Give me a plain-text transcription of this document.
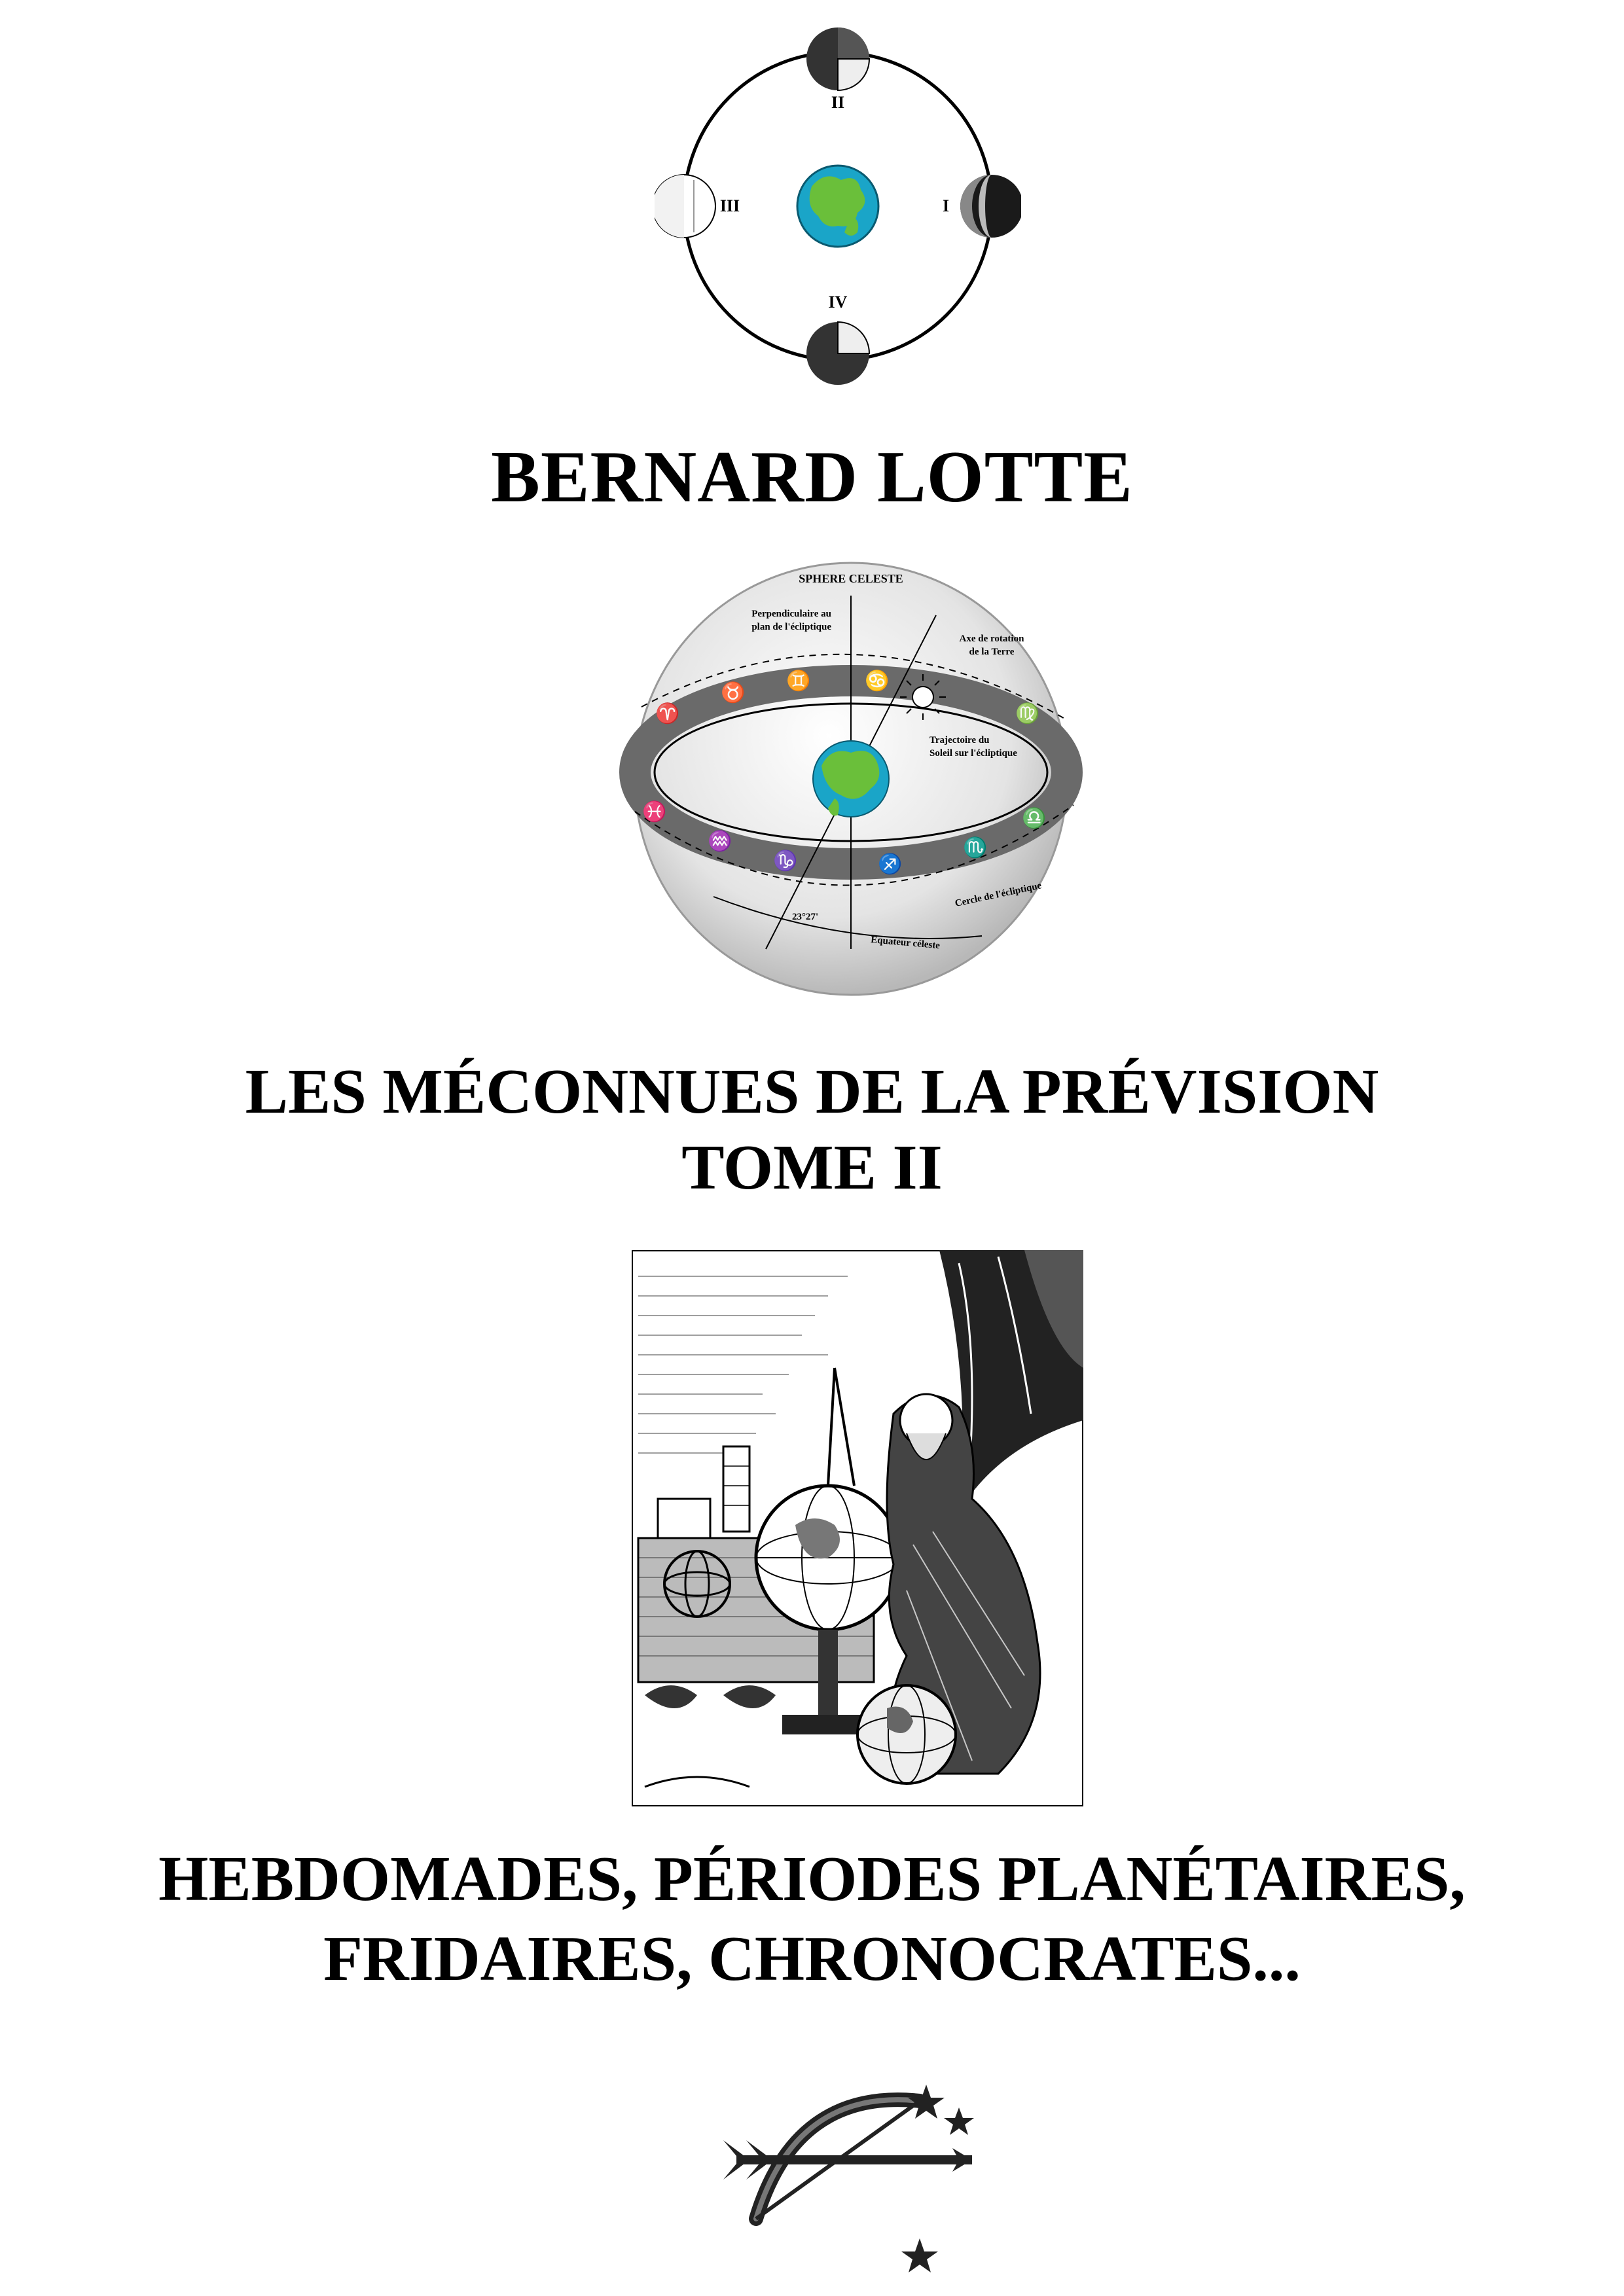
II
I
III
IV
BERNARD LOTTE
♉
♊	♋
♍
♎
♏
♐
♑
♒
♓
♈
SPHERE CELESTE
Perpendiculaire au
plan de l'écliptique
Axe de rotation
de la Terre
Trajectoire du
Soleil sur l'écliptique
Cercle de l'écliptique
23°27'
Equateur céleste
LES MÉCONNUES DE LA PRÉVISION
TOME II
HEBDOMADES, PÉRIODES PLANÉTAIRES,
FRIDAIRES, CHRONOCRATES...
